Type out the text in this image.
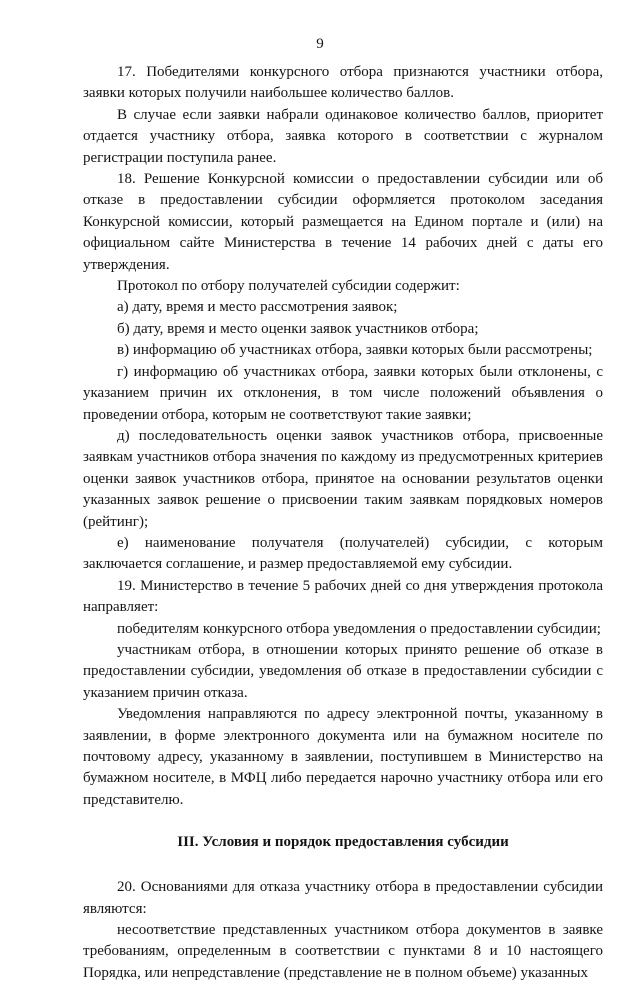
9

17. Победителями конкурсного отбора признаются участники отбора, заявки которых получили наибольшее количество баллов.

В случае если заявки набрали одинаковое количество баллов, приоритет отдается участнику отбора, заявка которого в соответствии с журналом регистрации поступила ранее.

18. Решение Конкурсной комиссии о предоставлении субсидии или об отказе в предоставлении субсидии оформляется протоколом заседания Конкурсной комиссии, который размещается на Едином портале и (или) на официальном сайте Министерства в течение 14 рабочих дней с даты его утверждения.

Протокол по отбору получателей субсидии содержит:

а) дату, время и место рассмотрения заявок;

б) дату, время и место оценки заявок участников отбора;

в) информацию об участниках отбора, заявки которых были рассмотрены;

г) информацию об участниках отбора, заявки которых были отклонены, с указанием причин их отклонения, в том числе положений объявления о проведении отбора, которым не соответствуют такие заявки;

д) последовательность оценки заявок участников отбора, присвоенные заявкам участников отбора значения по каждому из предусмотренных критериев оценки заявок участников отбора, принятое на основании результатов оценки указанных заявок решение о присвоении таким заявкам порядковых номеров (рейтинг);

е) наименование получателя (получателей) субсидии, с которым заключается соглашение, и размер предоставляемой ему субсидии.

19. Министерство в течение 5 рабочих дней со дня утверждения протокола направляет:

победителям конкурсного отбора уведомления о предоставлении субсидии;

участникам отбора, в отношении которых принято решение об отказе в предоставлении субсидии, уведомления об отказе в предоставлении субсидии с указанием причин отказа.

Уведомления направляются по адресу электронной почты, указанному в заявлении, в форме электронного документа или на бумажном носителе по почтовому адресу, указанному в заявлении, поступившем в Министерство на бумажном носителе, в МФЦ либо передается нарочно участнику отбора или его представителю.

III. Условия и порядок предоставления субсидии

20. Основаниями для отказа участнику отбора в предоставлении субсидии являются:

несоответствие представленных участником отбора документов в заявке требованиям, определенным в соответствии с пунктами 8 и 10 настоящего Порядка, или непредставление (представление не в полном объеме) указанных
